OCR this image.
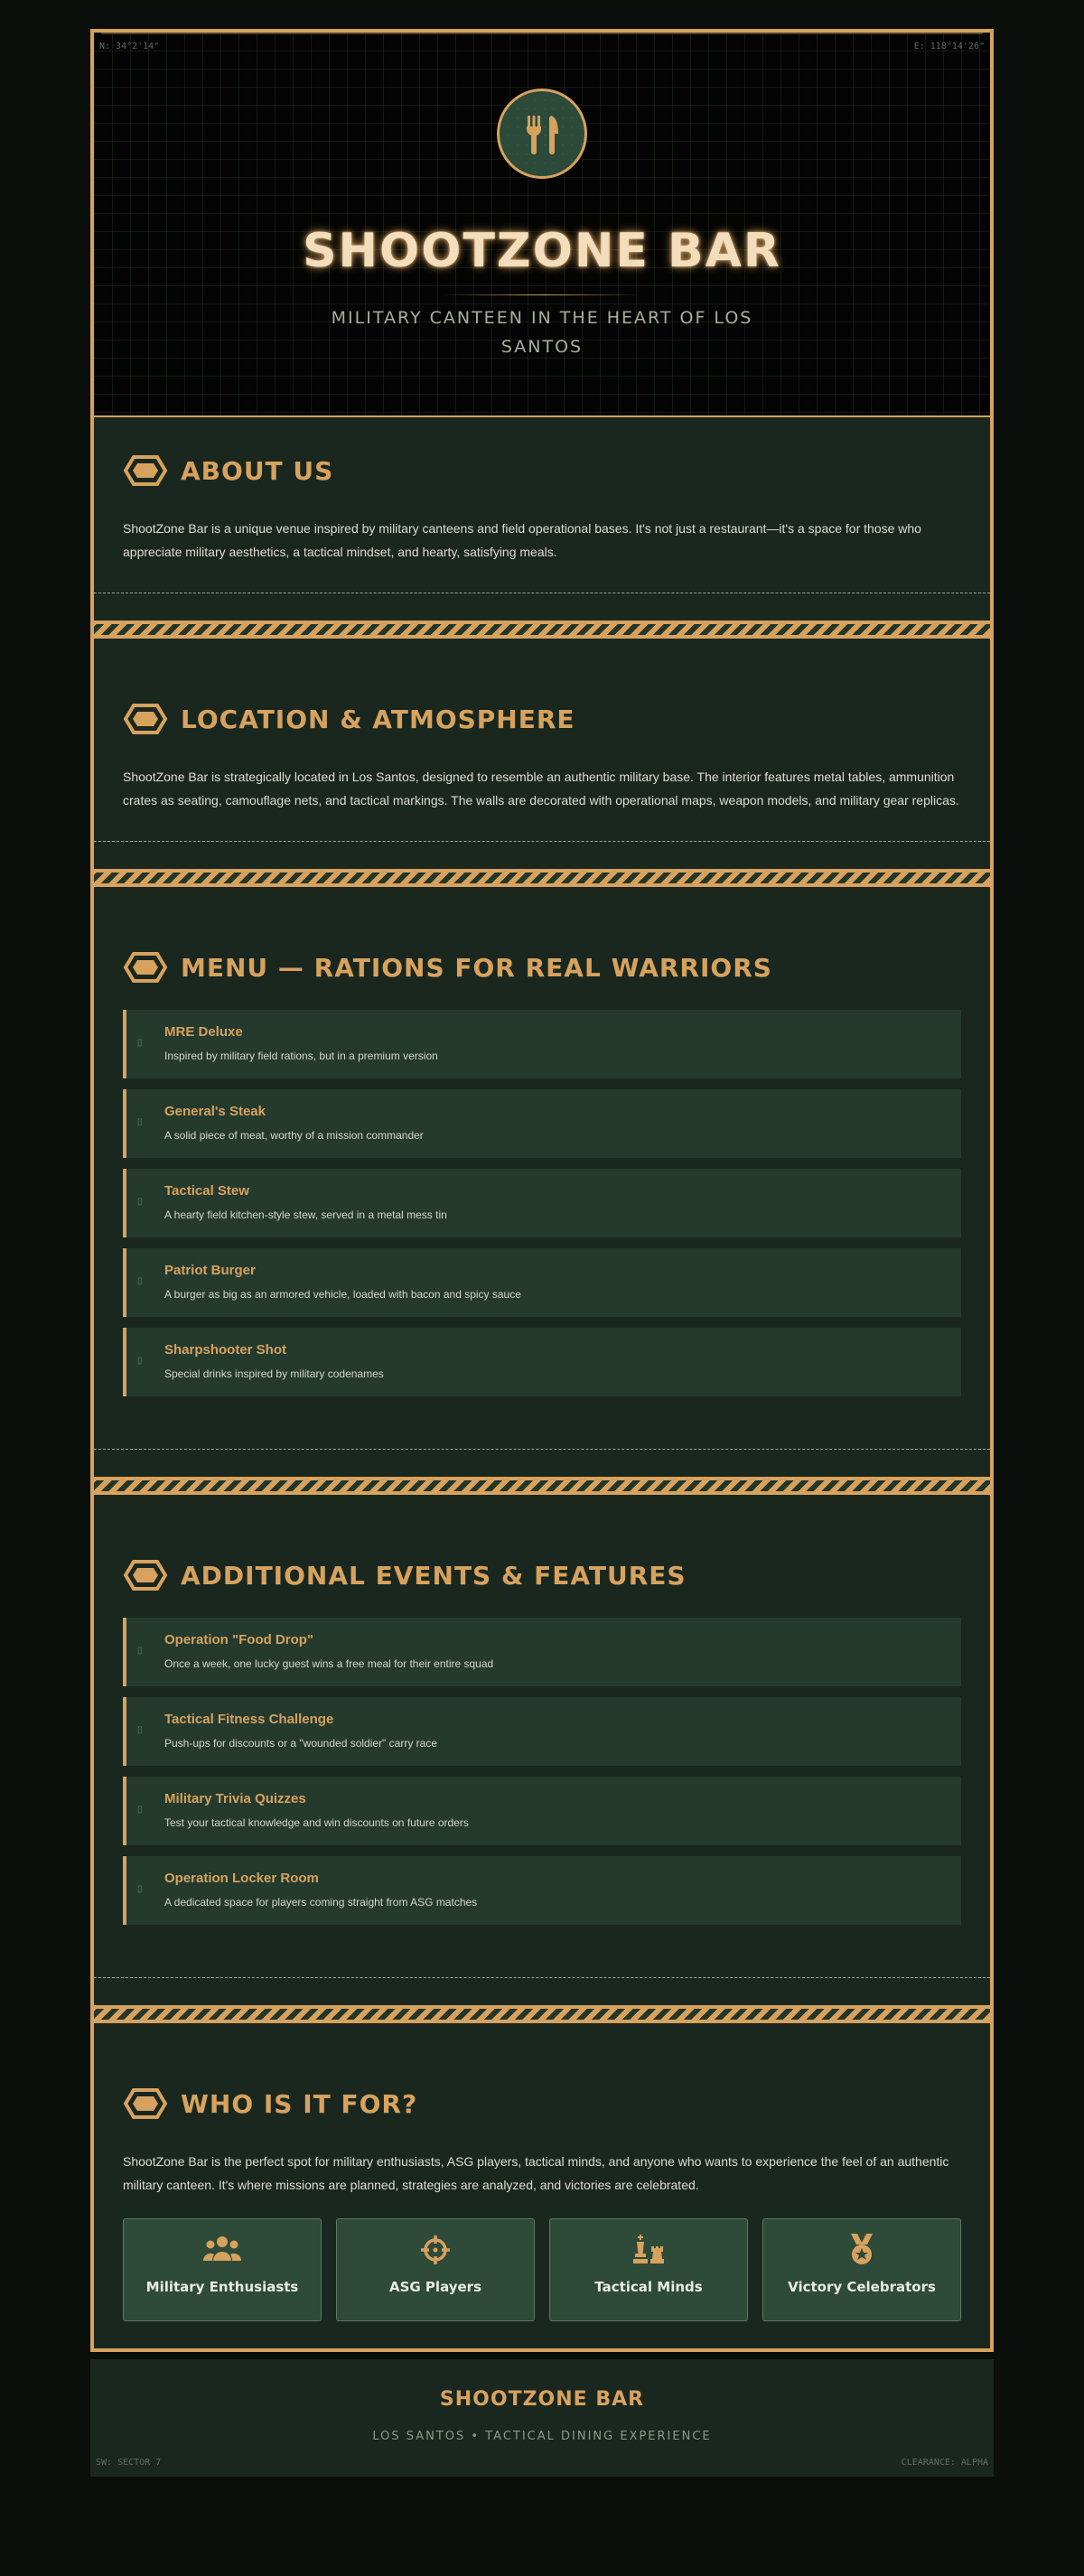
N: 34°2'14"	E: 118°14'26"
SHOOTZONE BAR

MILITARY CANTEEN IN THE HEART OF LOS SANTOS

ABOUT US

ShootZone Bar is a unique venue inspired by military canteens and field operational bases. It's not just a restaurant—it's a space for those who appreciate military aesthetics, a tactical mindset, and hearty, satisfying meals.

LOCATION & ATMOSPHERE

ShootZone Bar is strategically located in Los Santos, designed to resemble an authentic military base. The interior features metal tables, ammunition crates as seating, camouflage nets, and tactical markings. The walls are decorated with operational maps, weapon models, and military gear replicas.

MENU — RATIONS FOR REAL WARRIORS
▯
MRE Deluxe
Inspired by military field rations, but in a premium version
▯
General's Steak
A solid piece of meat, worthy of a mission commander
▯
Tactical Stew
A hearty field kitchen-style stew, served in a metal mess tin
▯
Patriot Burger
A burger as big as an armored vehicle, loaded with bacon and spicy sauce
▯
Sharpshooter Shot
Special drinks inspired by military codenames
ADDITIONAL EVENTS & FEATURES
▯
Operation "Food Drop"
Once a week, one lucky guest wins a free meal for their entire squad
▯
Tactical Fitness Challenge
Push-ups for discounts or a "wounded soldier" carry race
▯
Military Trivia Quizzes
Test your tactical knowledge and win discounts on future orders
▯
Operation Locker Room
A dedicated space for players coming straight from ASG matches
WHO IS IT FOR?

ShootZone Bar is the perfect spot for military enthusiasts, ASG players, tactical minds, and anyone who wants to experience the feel of an authentic military canteen. It's where missions are planned, strategies are analyzed, and victories are celebrated.

Military Enthusiasts	ASG Players	Tactical Minds	Victory Celebrators
SHOOTZONE BAR
LOS SANTOS • TACTICAL DINING EXPERIENCE
SW: SECTOR 7	CLEARANCE: ALPHA
